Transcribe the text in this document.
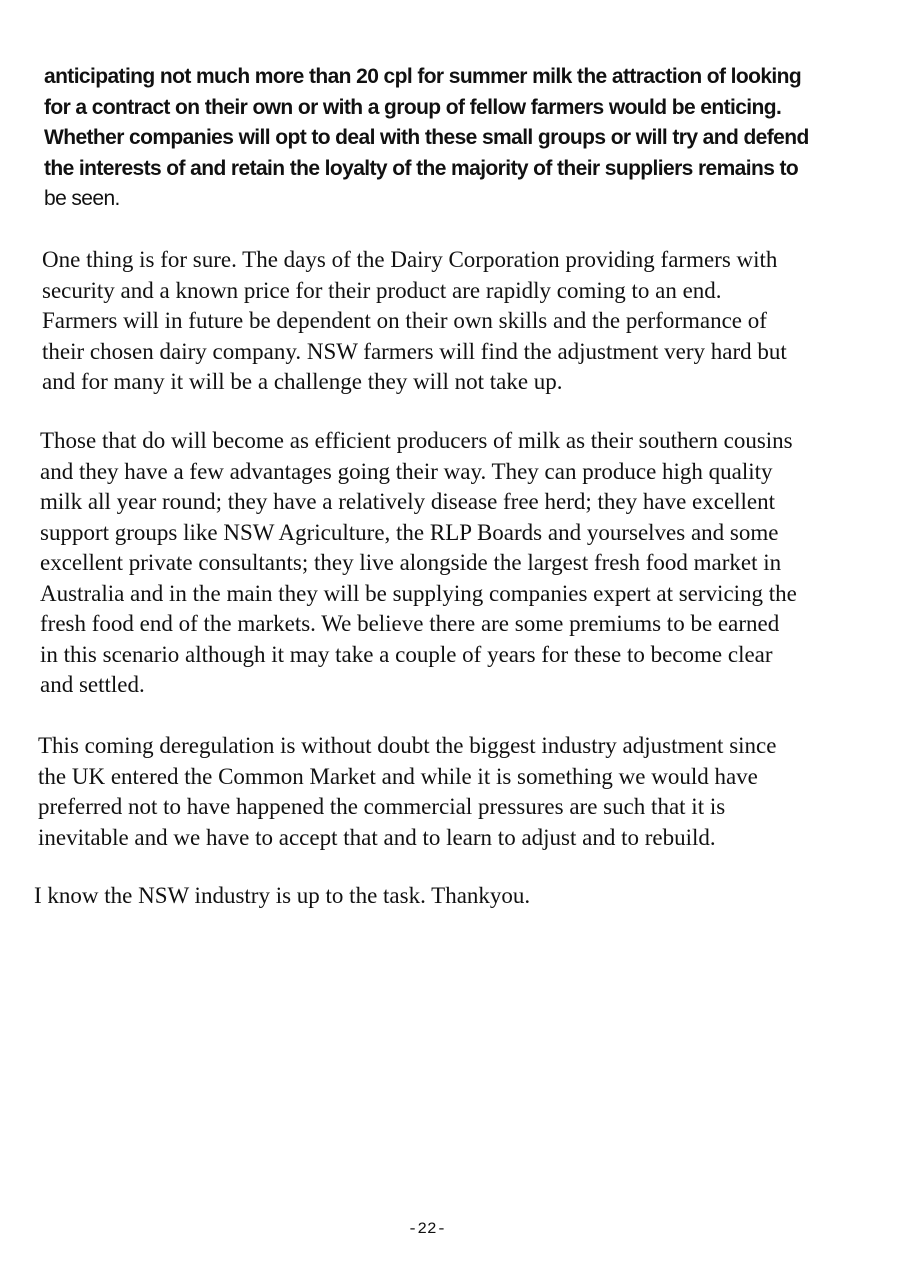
anticipating not much more than 20 cpl for summer milk the attraction of looking
for a contract on their own or with a group of fellow farmers would be enticing.
Whether companies will opt to deal with these small groups or will try and defend
the interests of and retain the loyalty of the majority of their suppliers remains to
be seen.

One thing is for sure. The days of the Dairy Corporation providing farmers with
security and a known price for their product are rapidly coming to an end.
Farmers will in future be dependent on their own skills and the performance of
their chosen dairy company. NSW farmers will find the adjustment very hard but
and for many it will be a challenge they will not take up.

Those that do will become as efficient producers of milk as their southern cousins
and they have a few advantages going their way. They can produce high quality
milk all year round; they have a relatively disease free herd; they have excellent
support groups like NSW Agriculture, the RLP Boards and yourselves and some
excellent private consultants; they live alongside the largest fresh food market in
Australia and in the main they will be supplying companies expert at servicing the
fresh food end of the markets. We believe there are some premiums to be earned
in this scenario although it may take a couple of years for these to become clear
and settled.

This coming deregulation is without doubt the biggest industry adjustment since
the UK entered the Common Market and while it is something we would have
preferred not to have happened the commercial pressures are such that it is
inevitable and we have to accept that and to learn to adjust and to rebuild.

I know the NSW industry is up to the task. Thankyou.

-22-
